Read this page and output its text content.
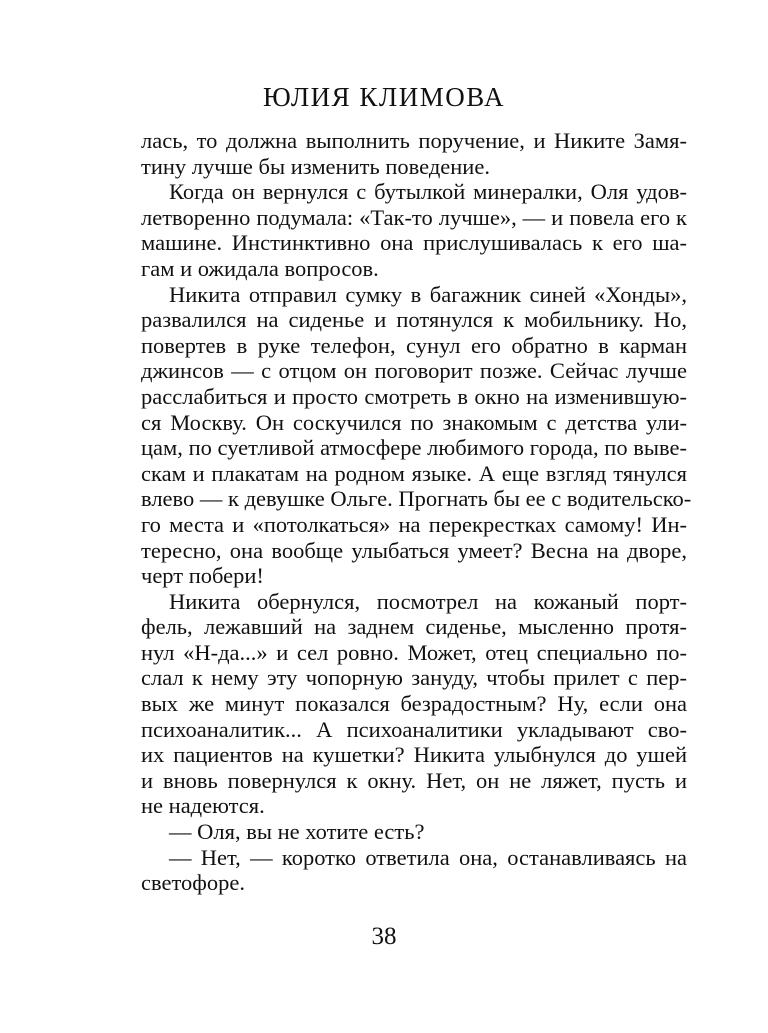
ЮЛИЯ КЛИМОВА
лась, то должна выполнить поручение, и Никите Замя-
тину лучше бы изменить поведение.
Когда он вернулся с бутылкой минералки, Оля удов-
летворенно подумала: «Так-то лучше», — и повела его к
машине. Инстинктивно она прислушивалась к его ша-
гам и ожидала вопросов.
Никита отправил сумку в багажник синей «Хонды»,
развалился на сиденье и потянулся к мобильнику. Но,
повертев в руке телефон, сунул его обратно в карман
джинсов — с отцом он поговорит позже. Сейчас лучше
расслабиться и просто смотреть в окно на изменившую-
ся Москву. Он соскучился по знакомым с детства ули-
цам, по суетливой атмосфере любимого города, по выве-
скам и плакатам на родном языке. А еще взгляд тянулся
влево — к девушке Ольге. Прогнать бы ее с водительско-
го места и «потолкаться» на перекрестках самому! Ин-
тересно, она вообще улыбаться умеет? Весна на дворе,
черт побери!
Никита обернулся, посмотрел на кожаный порт-
фель, лежавший на заднем сиденье, мысленно протя-
нул «Н-да...» и сел ровно. Может, отец специально по-
слал к нему эту чопорную зануду, чтобы прилет с пер-
вых же минут показался безрадостным? Ну, если она
психоаналитик... А психоаналитики укладывают сво-
их пациентов на кушетки? Никита улыбнулся до ушей
и вновь повернулся к окну. Нет, он не ляжет, пусть и
не надеются.
— Оля, вы не хотите есть?
— Нет, — коротко ответила она, останавливаясь на
светофоре.
38
